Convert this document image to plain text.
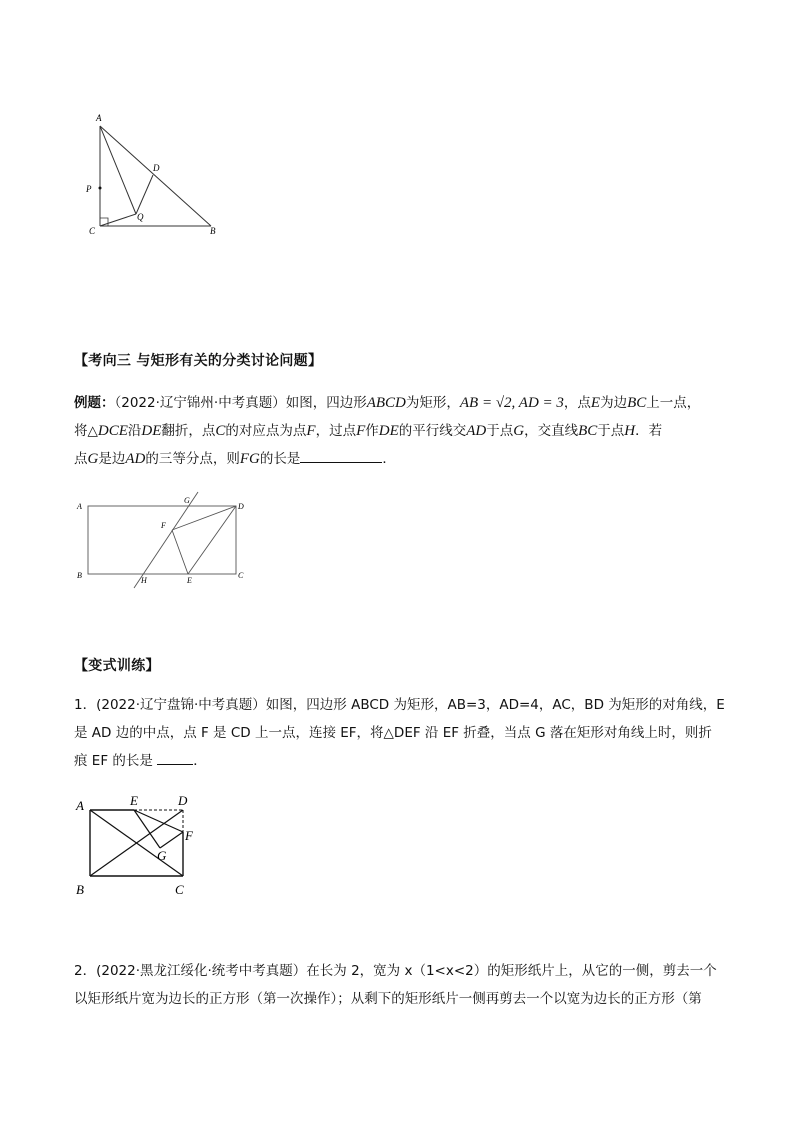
A
P
C	B
D
Q
【考向三 与矩形有关的分类讨论问题】
例题：（2022·辽宁锦州·中考真题）如图，四边形ABCD为矩形，AB = √2, AD = 3，点E为边BC上一点，
将△DCE沿DE翻折，点C的对应点为点F，过点F作DE的平行线交AD于点G，交直线BC于点H．若
点G是边AD的三等分点，则FG的长是	．
A
B	C
D
G
F
H	E
【变式训练】
1．(2022·辽宁盘锦·中考真题）如图，四边形 ABCD 为矩形，AB=3，AD=4，AC，BD 为矩形的对角线，E
是 AD 边的中点，点 F 是 CD 上一点，连接 EF，将△DEF 沿 EF 折叠，当点 G 落在矩形对角线上时，则折
痕 EF 的长是	．
A
B	C
D
E
F
G
2．(2022·黑龙江绥化·统考中考真题）在长为 2，宽为 x（1<x<2）的矩形纸片上，从它的一侧，剪去一个
以矩形纸片宽为边长的正方形（第一次操作）；从剩下的矩形纸片一侧再剪去一个以宽为边长的正方形（第
